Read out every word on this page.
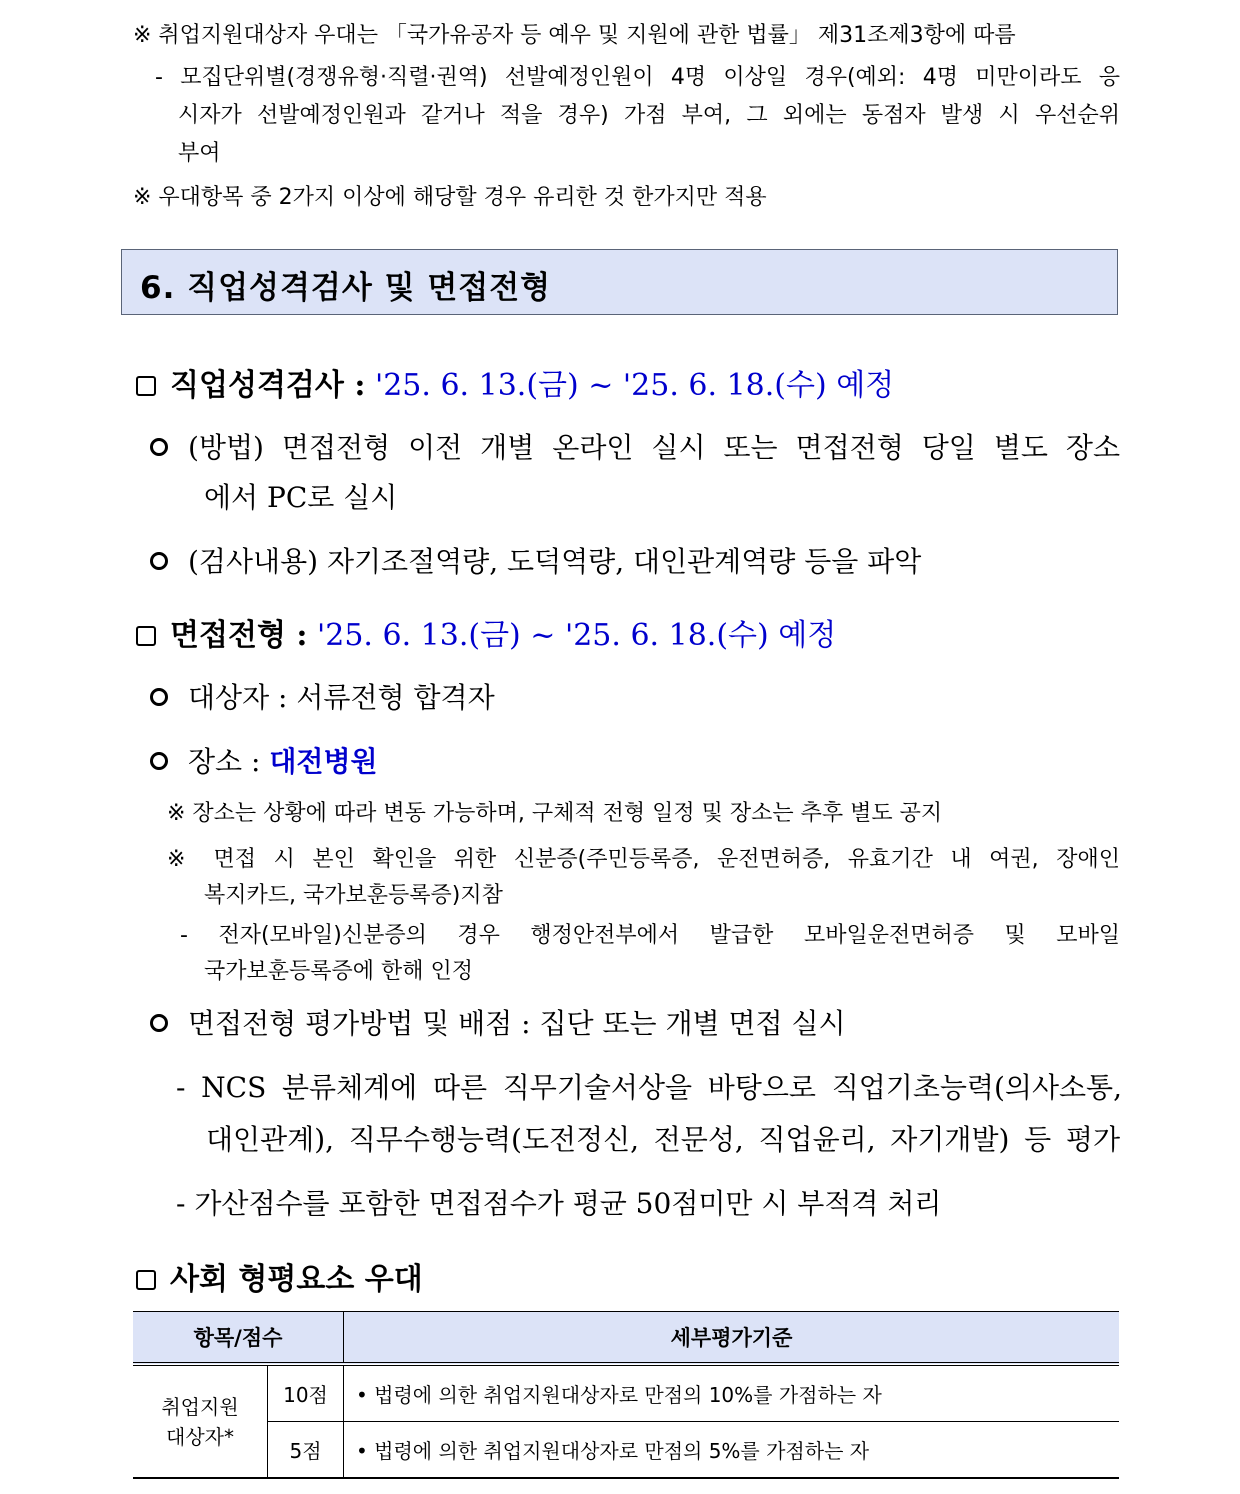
※ 취업지원대상자 우대는 「국가유공자 등 예우 및 지원에 관한 법률」 제31조제3항에 따름
- 모집단위별(경쟁유형·직렬·권역) 선발예정인원이 4명 이상일 경우(예외: 4명 미만이라도 응
시자가 선발예정인원과 같거나 적을 경우) 가점 부여, 그 외에는 동점자 발생 시 우선순위
부여
※ 우대항목 중 2가지 이상에 해당할 경우 유리한 것 한가지만 적용
6. 직업성격검사 및 면접전형
직업성격검사 : '25. 6. 13.(금) ~ '25. 6. 18.(수) 예정
(방법) 면접전형 이전 개별 온라인 실시 또는 면접전형 당일 별도 장소
에서 PC로 실시
(검사내용) 자기조절역량, 도덕역량, 대인관계역량 등을 파악
면접전형 : '25. 6. 13.(금) ~ '25. 6. 18.(수) 예정
대상자 : 서류전형 합격자
장소 : 대전병원
※ 장소는 상황에 따라 변동 가능하며, 구체적 전형 일정 및 장소는 추후 별도 공지
※ 면접 시 본인 확인을 위한 신분증(주민등록증, 운전면허증, 유효기간 내 여권, 장애인
복지카드, 국가보훈등록증)지참
- 전자(모바일)신분증의 경우 행정안전부에서 발급한 모바일운전면허증 및 모바일
국가보훈등록증에 한해 인정
면접전형 평가방법 및 배점 : 집단 또는 개별 면접 실시
- NCS 분류체계에 따른 직무기술서상을 바탕으로 직업기초능력(의사소통,
대인관계), 직무수행능력(도전정신, 전문성, 직업윤리, 자기개발) 등 평가
- 가산점수를 포함한 면접점수가 평균 50점미만 시 부적격 처리
사회 형평요소 우대
항목/점수		세부평가기준

취업지원
대상자*	10점	• 법령에 의한 취업지원대상자로 만점의 10%를 가점하는 자
	5점	• 법령에 의한 취업지원대상자로 만점의 5%를 가점하는 자
